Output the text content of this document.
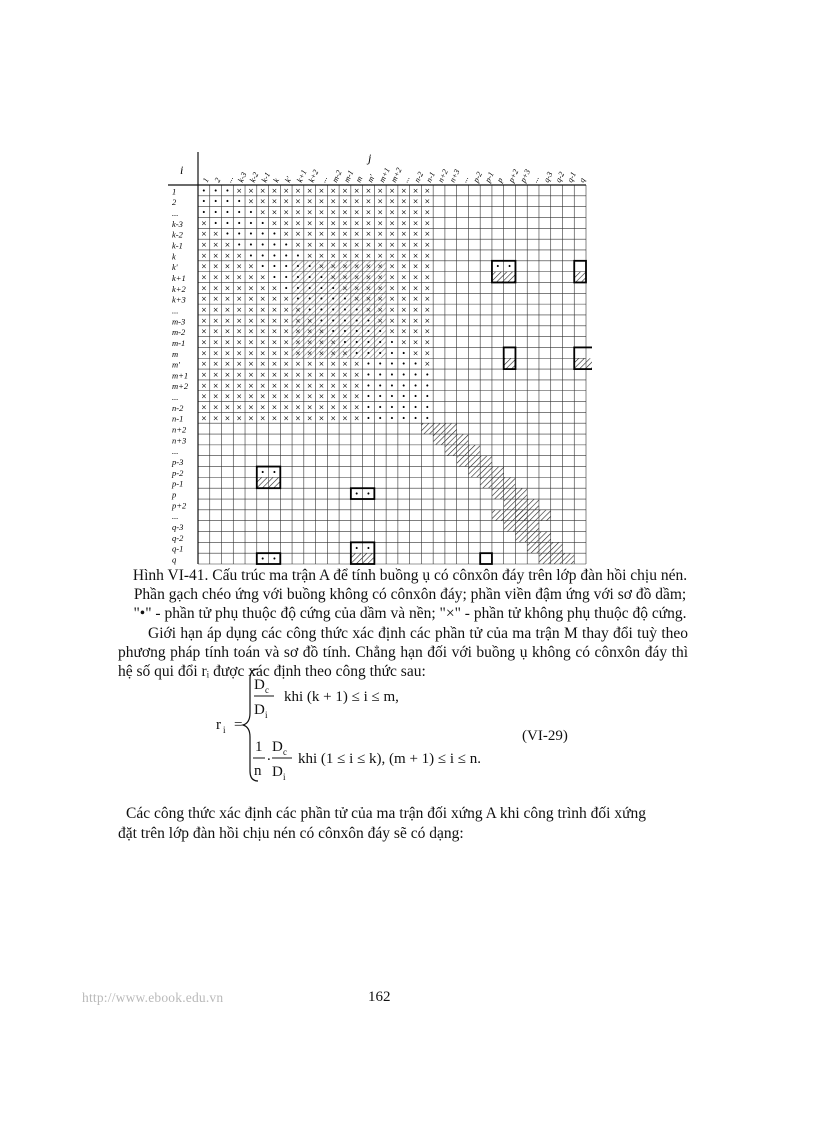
• • • × × × × × × × × × × × × × × × × ×
• • • • × × × × × × × × × × × × × × × ×
• • • • • × × × × × × × × × × × × × × ×
× • • • • • × × × × × × × × × × × × × ×
× × • • • • • × × × × × × × × × × × × ×
× × × • • • • • × × × × × × × × × × × ×
× × × × • • • • • × × × × × × × × × × ×
× × × × × • • • • • × × × × × × × × × ×
× × × × × × • • • • • × × × × × × × × ×
× × × × × × × • • • • • × × × × × × × ×
× × × × × × × × • • • • • × × × × × × ×
× × × × × × × × × • • • • • × × × × × ×
× × × × × × × × × × • • • • • × × × × ×
× × × × × × × × × × × • • • • • × × × ×
× × × × × × × × × × × × • • • • • × × ×
× × × × × × × × × × × × × • • • • • × ×
× × × × × × × × × × × × × × • • • • • ×
× × × × × × × × × × × × × × • • • • • •
× × × × × × × × × × × × × × • • • • • •
× × × × × × × × × × × × × × • • • • • •
× × × × × × × × × × × × × × • • • • • •
× × × × × × × × × × × × × × • • • • • •
• •
• •
• •
• •
• •
1
2
...
k-3
k-2
k-1
k
k'
k+1
k+2
k+3
...
m-3
m-2
m-1
m
m'
m+1
m+2
...
n-2
n-1
n+2
n+3
...
p-3
p-2
p-1
p
p+2
...
q-3
q-2
q-1
q
1 2 ... k-3 k-2 k-1 k k' k+1
k+2
... m-2
m-1
m m' m+1
m+2
... n-2 n-1 n+2
n+3
... p-2 p-1 p p+2
p+3
... q-3 q-2 q-1 q
i
j
Hình VI-41. Cấu trúc ma trận A để tính buồng ụ có cônxôn đáy trên lớp đàn hồi chịu nén.
Phần gạch chéo ứng với buồng không có cônxôn đáy; phần viền đậm ứng với sơ đồ dầm;
"•" - phần tử phụ thuộc độ cứng của dầm và nền; "×" - phần tử không phụ thuộc độ cứng.
Giới hạn áp dụng các công thức xác định các phần tử của ma trận M thay đổi tuỳ theo phương pháp tính toán và sơ đồ tính. Chẳng hạn đối với buồng ụ không có cônxôn đáy thì hệ số qui đổi rᵢ được xác định theo công thức sau:
r i =
D c
D i
khi (k + 1) ≤ i ≤ m,
1
n
.
D c
D i
khi (1 ≤ i ≤ k), (m + 1) ≤ i ≤ n.
(VI-29)
Các công thức xác định các phần tử của ma trận đối xứng A khi công trình đối xứng
đặt trên lớp đàn hồi chịu nén có cônxôn đáy sẽ có dạng:
http://www.ebook.edu.vn	162
